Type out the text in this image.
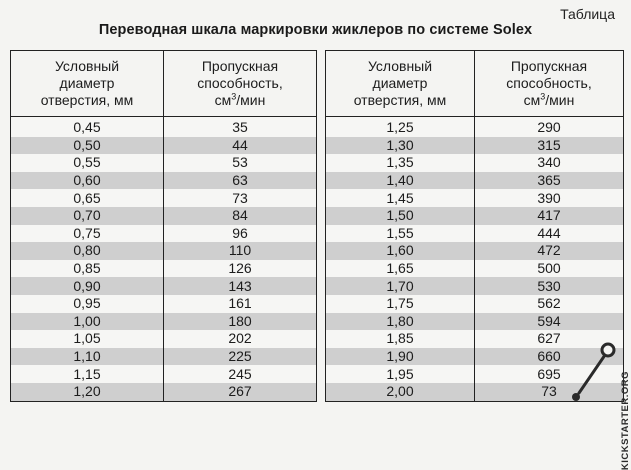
Таблица
Переводная шкала маркировки жиклеров по системе Solex
Условный
диаметр
отверстия, мм	Пропускная
способность,
$см^3$/мин
0,45	35
0,50	44
0,55	53
0,60	63
0,65	73
0,70	84
0,75	96
0,80	110
0,85	126
0,90	143
0,95	161
1,00	180
1,05	202
1,10	225
1,15	245
1,20	267
Условный
диаметр
отверстия, мм	Пропускная
способность,
$см^3$/мин
1,25	290
1,30	315
1,35	340
1,40	365
1,45	390
1,50	417
1,55	444
1,60	472
1,65	500
1,70	530
1,75	562
1,80	594
1,85	627
1,90	660
1,95	695
2,00	73	KICKSTARTER.ORG
